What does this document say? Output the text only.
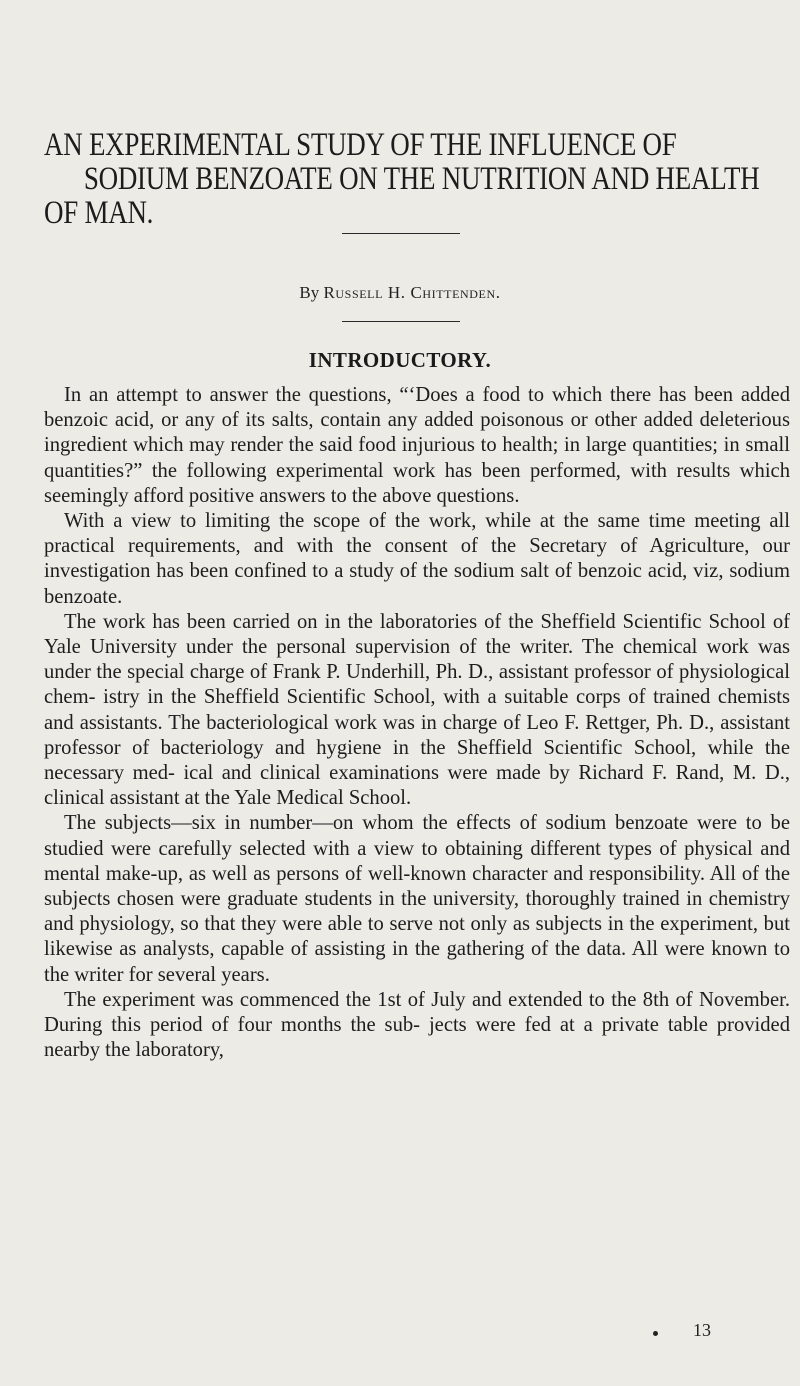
AN EXPERIMENTAL STUDY OF THE INFLUENCE OF
SODIUM BENZOATE ON THE NUTRITION AND HEALTH
OF MAN.
By Russell H. Chittenden.
INTRODUCTORY.

In an attempt to answer the questions, “‘Does a food to which there has been added benzoic acid, or any of its salts, contain any added poisonous or other added deleterious ingredient which may render the said food injurious to health; in large quantities; in small quantities?” the following experimental work has been performed, with results which seemingly afford positive answers to the above questions.

With a view to limiting the scope of the work, while at the same time meeting all practical requirements, and with the consent of the Secretary of Agriculture, our investigation has been confined to a study of the sodium salt of benzoic acid, viz, sodium benzoate.

The work has been carried on in the laboratories of the Sheffield Scientific School of Yale University under the personal supervision of the writer. The chemical work was under the special charge of Frank P. Underhill, Ph. D., assistant professor of physiological chem- istry in the Sheffield Scientific School, with a suitable corps of trained chemists and assistants. The bacteriological work was in charge of Leo F. Rettger, Ph. D., assistant professor of bacteriology and hygiene in the Sheffield Scientific School, while the necessary med- ical and clinical examinations were made by Richard F. Rand, M. D., clinical assistant at the Yale Medical School.

The subjects—six in number—on whom the effects of sodium benzoate were to be studied were carefully selected with a view to obtaining different types of physical and mental make-up, as well as persons of well-known character and responsibility. All of the subjects chosen were graduate students in the university, thoroughly trained in chemistry and physiology, so that they were able to serve not only as subjects in the experiment, but likewise as analysts, capable of assisting in the gathering of the data. All were known to the writer for several years.

The experiment was commenced the 1st of July and extended to the 8th of November. During this period of four months the sub- jects were fed at a private table provided nearby the laboratory,

13
